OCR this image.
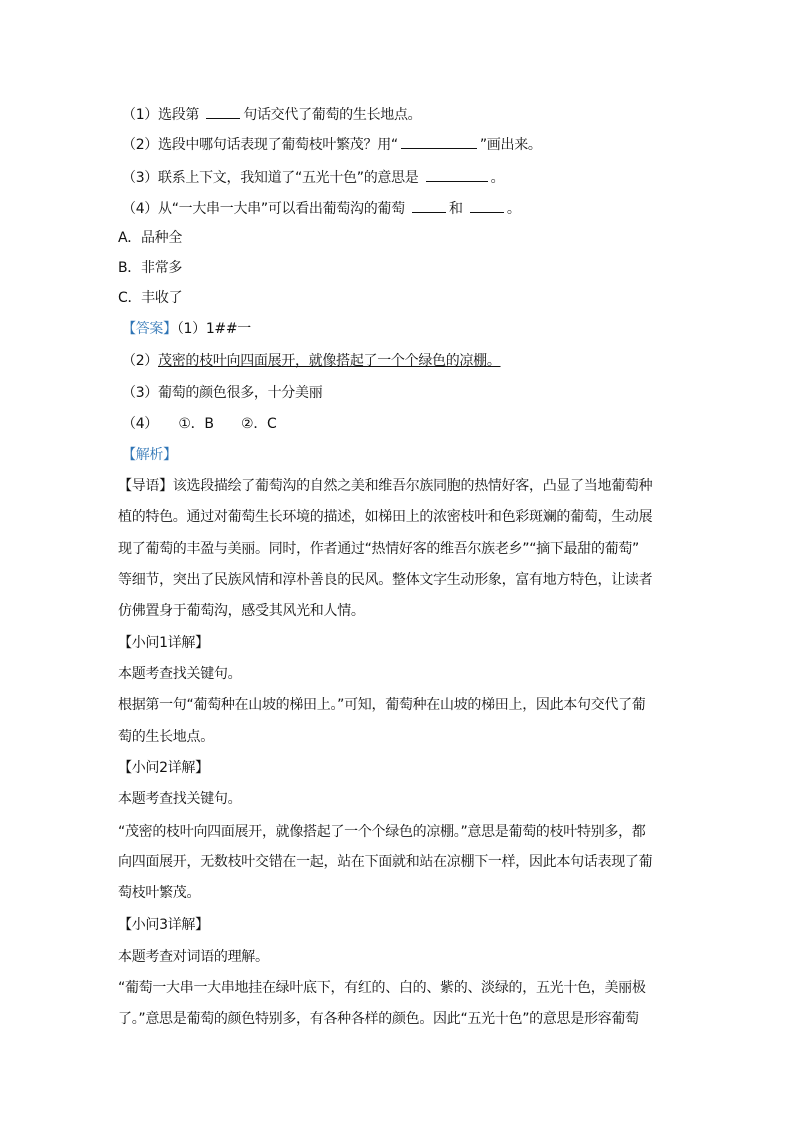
（1）选段第	句话交代了葡萄的生长地点。
（2）选段中哪句话表现了葡萄枝叶繁茂？用“	”画出来。
（3）联系上下文，我知道了“五光十色”的意思是	。
（4）从“一大串一大串”可以看出葡萄沟的葡萄	和	。
A．品种全
B．非常多
C．丰收了
【答案】（1）1##一
（2）茂密的枝叶向四面展开，就像搭起了一个个绿色的凉棚。
（3）葡萄的颜色很多，十分美丽
（4）　　①．B　　②．C
【解析】
【导语】该选段描绘了葡萄沟的自然之美和维吾尔族同胞的热情好客，凸显了当地葡萄种
植的特色。通过对葡萄生长环境的描述，如梯田上的浓密枝叶和色彩斑斓的葡萄，生动展
现了葡萄的丰盈与美丽。同时，作者通过“热情好客的维吾尔族老乡”“摘下最甜的葡萄”
等细节，突出了民族风情和淳朴善良的民风。整体文字生动形象，富有地方特色，让读者
仿佛置身于葡萄沟，感受其风光和人情。
【小问1详解】
本题考查找关键句。
根据第一句“葡萄种在山坡的梯田上。”可知，葡萄种在山坡的梯田上，因此本句交代了葡
萄的生长地点。
【小问2详解】
本题考查找关键句。
“茂密的枝叶向四面展开，就像搭起了一个个绿色的凉棚。”意思是葡萄的枝叶特别多，都
向四面展开，无数枝叶交错在一起，站在下面就和站在凉棚下一样，因此本句话表现了葡
萄枝叶繁茂。
【小问3详解】
本题考查对词语的理解。
“葡萄一大串一大串地挂在绿叶底下，有红的、白的、紫的、淡绿的，五光十色，美丽极
了。”意思是葡萄的颜色特别多，有各种各样的颜色。因此“五光十色”的意思是形容葡萄
